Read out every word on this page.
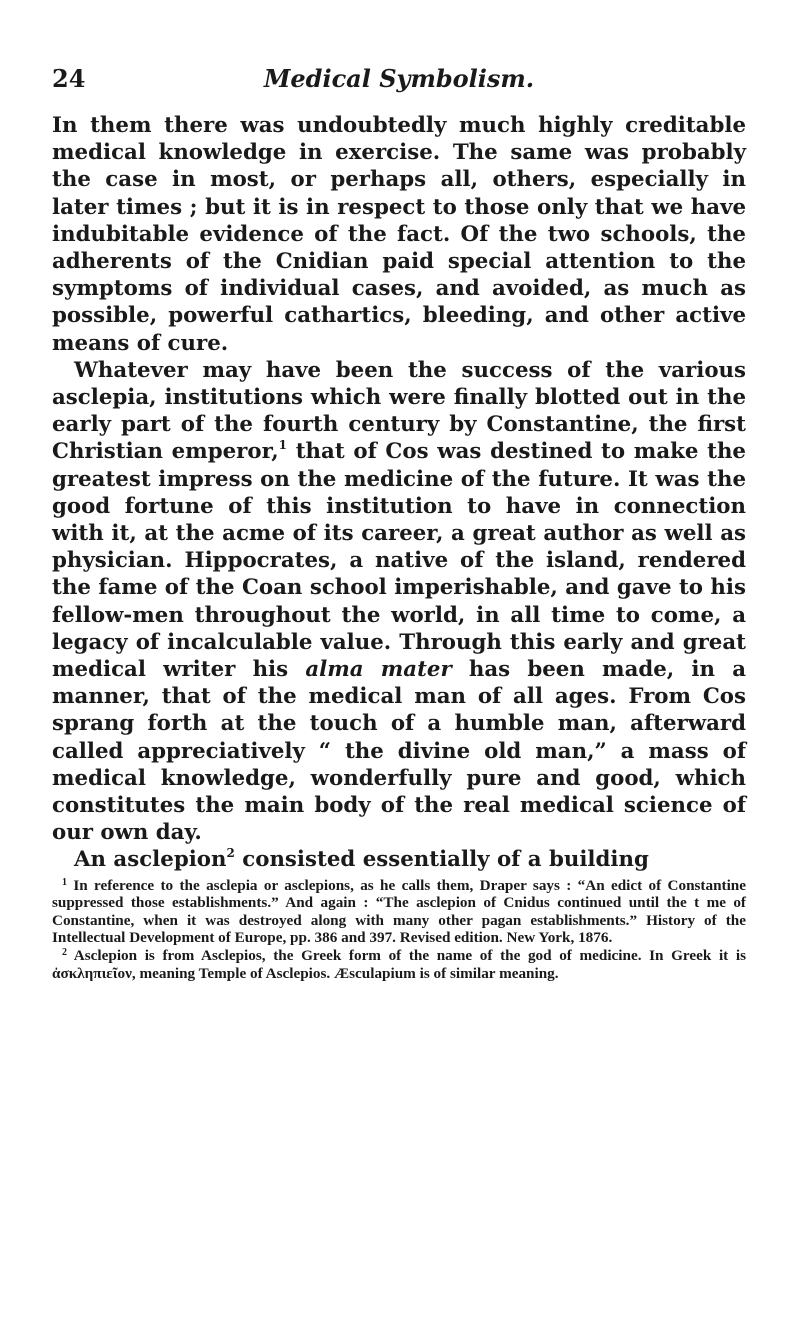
24	Medical Symbolism.

In them there was undoubtedly much highly creditable medical knowledge in exercise. The same was probably the case in most, or perhaps all, others, especially in later times ; but it is in respect to those only that we have indubitable evidence of the fact. Of the two schools, the adherents of the Cnidian paid special attention to the symptoms of individual cases, and avoided, as much as possible, powerful cathartics, bleeding, and other active means of cure.

Whatever may have been the success of the various asclepia, institutions which were finally blotted out in the early part of the fourth century by Constantine, the first Christian emperor,$^1$ that of Cos was destined to make the greatest impress on the medicine of the future. It was the good fortune of this institution to have in connection with it, at the acme of its career, a great author as well as physician. Hippocrates, a native of the island, rendered the fame of the Coan school imperishable, and gave to his fellow-men throughout the world, in all time to come, a legacy of incalculable value. Through this early and great medical writer his alma mater has been made, in a manner, that of the medical man of all ages. From Cos sprang forth at the touch of a humble man, afterward called appreciatively “ the divine old man,” a mass of medical knowledge, wonderfully pure and good, which constitutes the main body of the real medical science of our own day.

An asclepion$^2$ consisted essentially of a building

$^1$ In reference to the asclepia or asclepions, as he calls them, Draper says : “An edict of Constantine suppressed those establishments.” And again : “The asclepion of Cnidus continued until the t me of Constantine, when it was destroyed along with many other pagan establishments.” History of the Intellectual Development of Europe, pp. 386 and 397. Revised edition. New York, 1876.

$^2$ Asclepion is from Asclepios, the Greek form of the name of the god of medicine. In Greek it is ἀσκληπιεῖον, meaning Temple of Asclepios. Æsculapium is of similar meaning.
